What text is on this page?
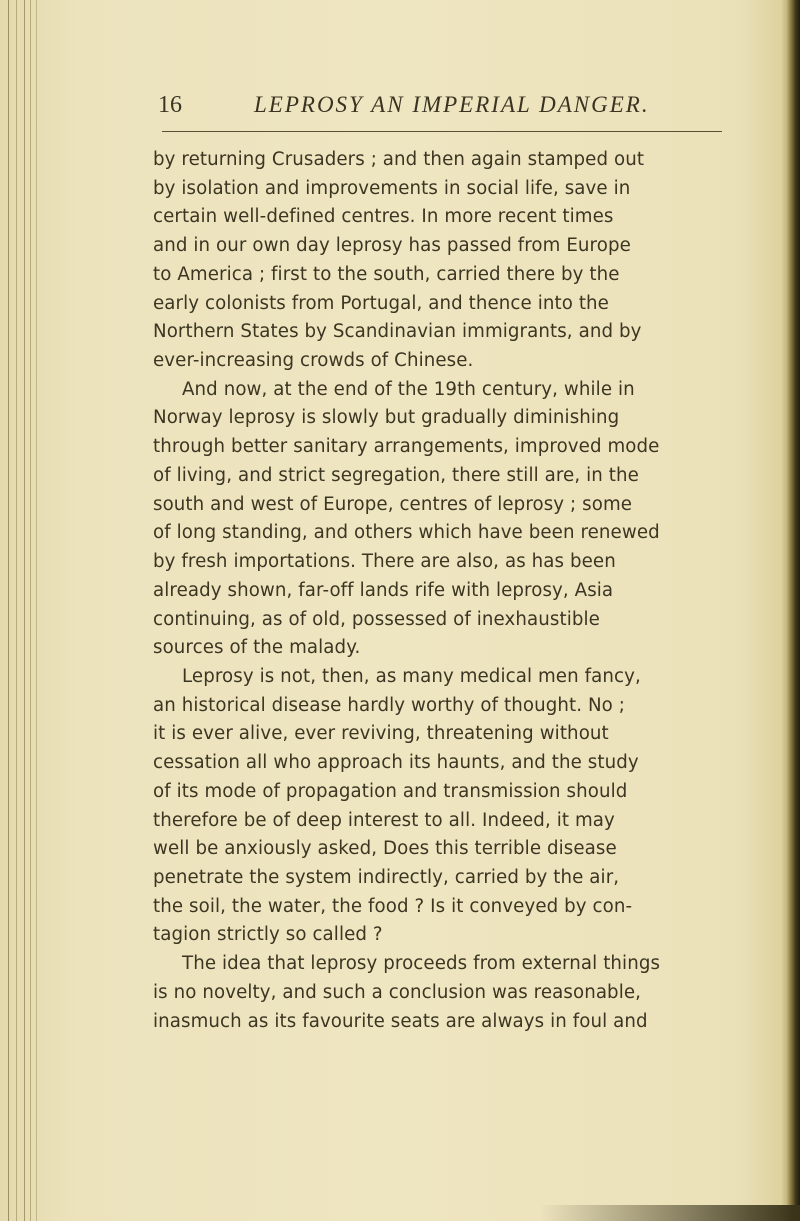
16	LEPROSY AN IMPERIAL DANGER.
by returning Crusaders ; and then again stamped out
by isolation and improvements in social life, save in
certain well-defined centres. In more recent times
and in our own day leprosy has passed from Europe
to America ; first to the south, carried there by the
early colonists from Portugal, and thence into the
Northern States by Scandinavian immigrants, and by
ever-increasing crowds of Chinese.
And now, at the end of the 19th century, while in
Norway leprosy is slowly but gradually diminishing
through better sanitary arrangements, improved mode
of living, and strict segregation, there still are, in the
south and west of Europe, centres of leprosy ; some
of long standing, and others which have been renewed
by fresh importations. There are also, as has been
already shown, far-off lands rife with leprosy, Asia
continuing, as of old, possessed of inexhaustible
sources of the malady.
Leprosy is not, then, as many medical men fancy,
an historical disease hardly worthy of thought. No ;
it is ever alive, ever reviving, threatening without
cessation all who approach its haunts, and the study
of its mode of propagation and transmission should
therefore be of deep interest to all. Indeed, it may
well be anxiously asked, Does this terrible disease
penetrate the system indirectly, carried by the air,
the soil, the water, the food ? Is it conveyed by con-
tagion strictly so called ?
The idea that leprosy proceeds from external things
is no novelty, and such a conclusion was reasonable,
inasmuch as its favourite seats are always in foul and
